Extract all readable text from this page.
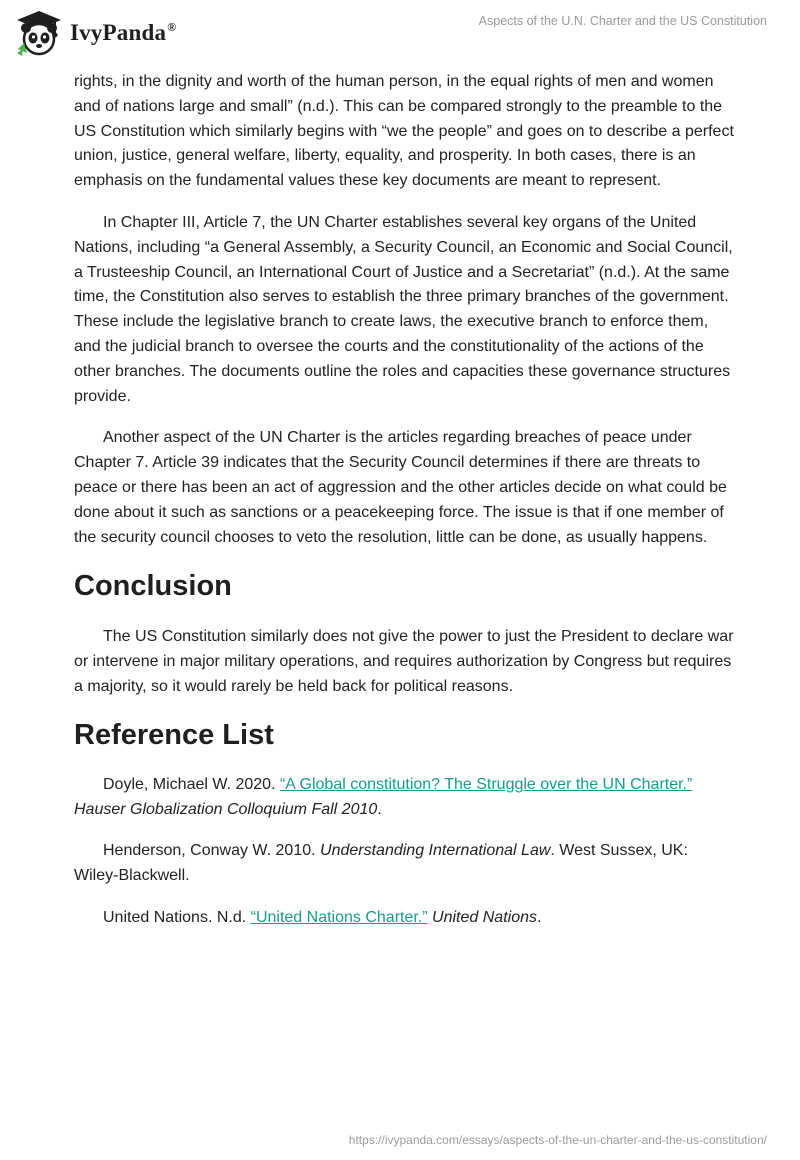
IvyPanda®	Aspects of the U.N. Charter and the US Constitution

rights, in the dignity and worth of the human person, in the equal rights of men and women and of nations large and small” (n.d.). This can be compared strongly to the preamble to the US Constitution which similarly begins with “we the people” and goes on to describe a perfect union, justice, general welfare, liberty, equality, and prosperity. In both cases, there is an emphasis on the fundamental values these key documents are meant to represent.

In Chapter III, Article 7, the UN Charter establishes several key organs of the United Nations, including “a General Assembly, a Security Council, an Economic and Social Council, a Trusteeship Council, an International Court of Justice and a Secretariat” (n.d.). At the same time, the Constitution also serves to establish the three primary branches of the government. These include the legislative branch to create laws, the executive branch to enforce them, and the judicial branch to oversee the courts and the constitutionality of the actions of the other branches. The documents outline the roles and capacities these governance structures provide.

Another aspect of the UN Charter is the articles regarding breaches of peace under Chapter 7. Article 39 indicates that the Security Council determines if there are threats to peace or there has been an act of aggression and the other articles decide on what could be done about it such as sanctions or a peacekeeping force. The issue is that if one member of the security council chooses to veto the resolution, little can be done, as usually happens.

Conclusion

The US Constitution similarly does not give the power to just the President to declare war or intervene in major military operations, and requires authorization by Congress but requires a majority, so it would rarely be held back for political reasons.

Reference List

Doyle, Michael W. 2020. “A Global constitution? The Struggle over the UN Charter.” Hauser Globalization Colloquium Fall 2010.

Henderson, Conway W. 2010. Understanding International Law. West Sussex, UK: Wiley-Blackwell.

United Nations. N.d. “United Nations Charter.” United Nations.

https://ivypanda.com/essays/aspects-of-the-un-charter-and-the-us-constitution/
